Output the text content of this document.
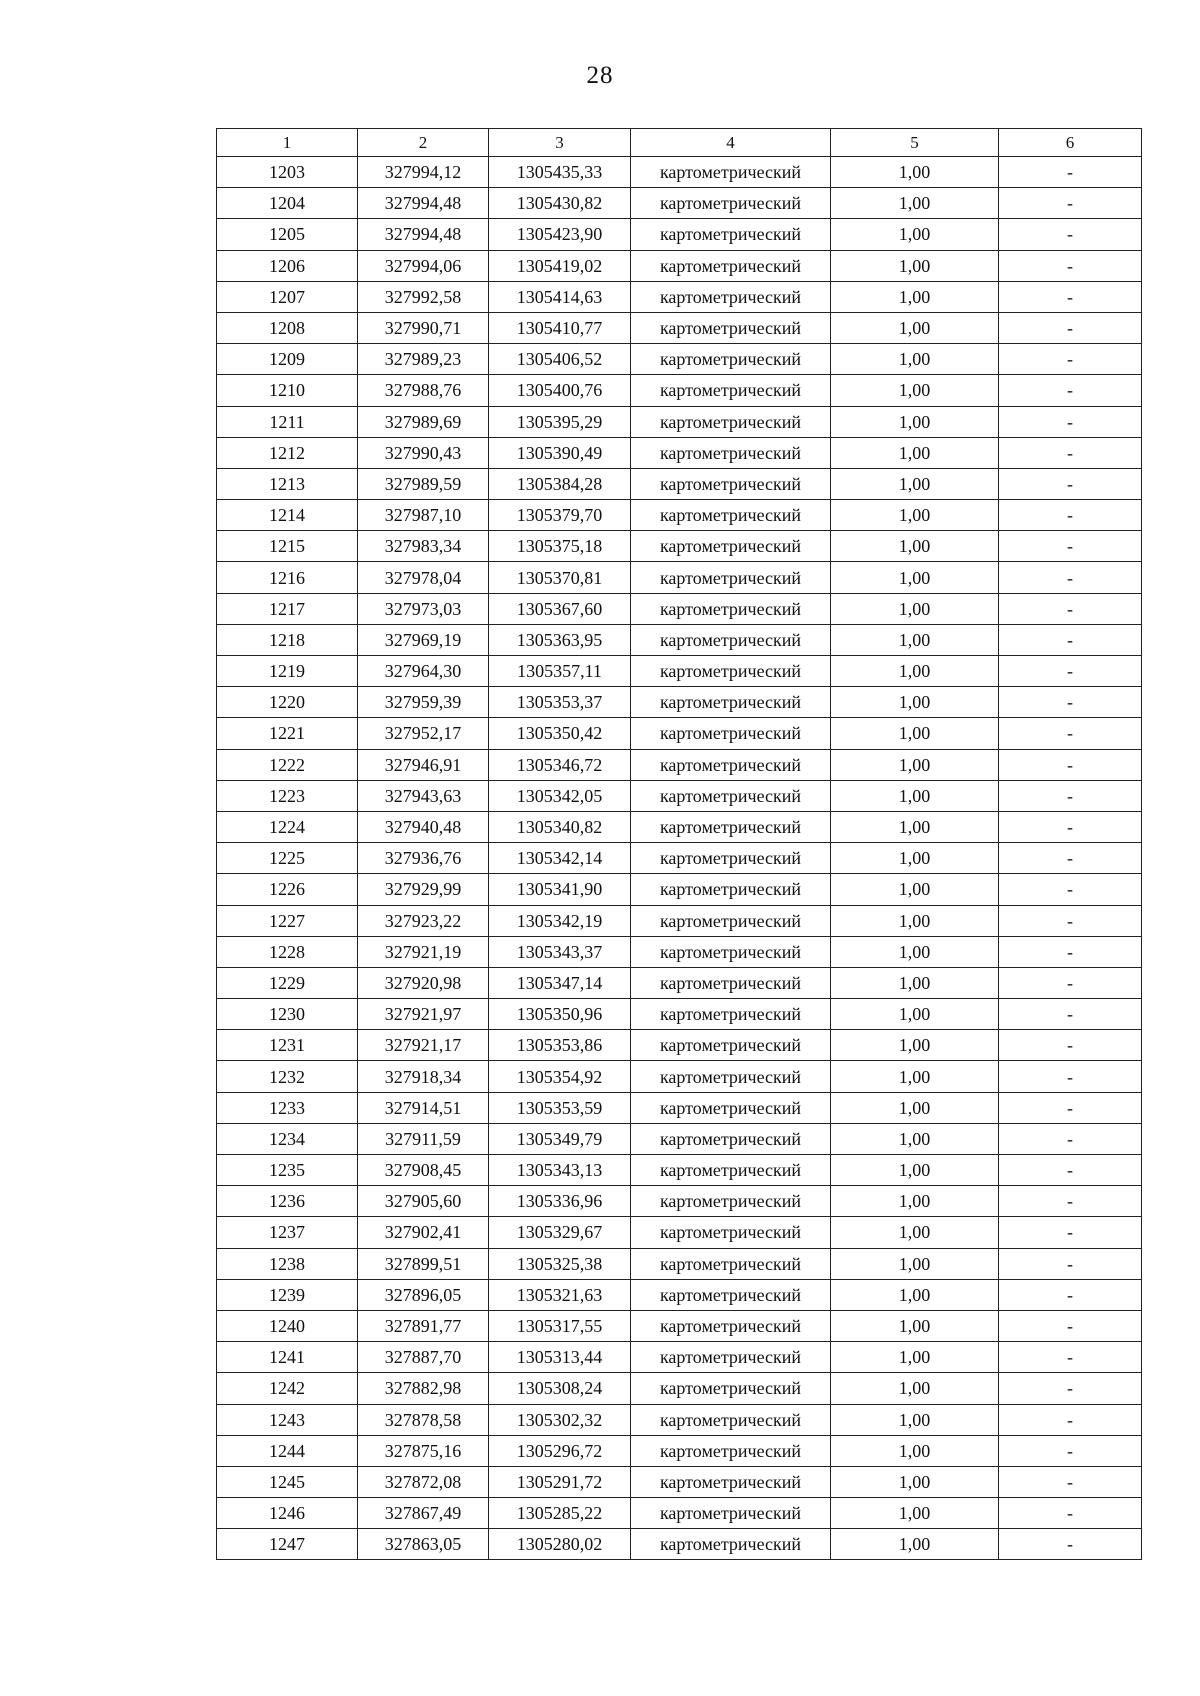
28
1	2	3	4	5	6
1203	327994,12	1305435,33	картометрический	1,00	-
1204	327994,48	1305430,82	картометрический	1,00	-
1205	327994,48	1305423,90	картометрический	1,00	-
1206	327994,06	1305419,02	картометрический	1,00	-
1207	327992,58	1305414,63	картометрический	1,00	-
1208	327990,71	1305410,77	картометрический	1,00	-
1209	327989,23	1305406,52	картометрический	1,00	-
1210	327988,76	1305400,76	картометрический	1,00	-
1211	327989,69	1305395,29	картометрический	1,00	-
1212	327990,43	1305390,49	картометрический	1,00	-
1213	327989,59	1305384,28	картометрический	1,00	-
1214	327987,10	1305379,70	картометрический	1,00	-
1215	327983,34	1305375,18	картометрический	1,00	-
1216	327978,04	1305370,81	картометрический	1,00	-
1217	327973,03	1305367,60	картометрический	1,00	-
1218	327969,19	1305363,95	картометрический	1,00	-
1219	327964,30	1305357,11	картометрический	1,00	-
1220	327959,39	1305353,37	картометрический	1,00	-
1221	327952,17	1305350,42	картометрический	1,00	-
1222	327946,91	1305346,72	картометрический	1,00	-
1223	327943,63	1305342,05	картометрический	1,00	-
1224	327940,48	1305340,82	картометрический	1,00	-
1225	327936,76	1305342,14	картометрический	1,00	-
1226	327929,99	1305341,90	картометрический	1,00	-
1227	327923,22	1305342,19	картометрический	1,00	-
1228	327921,19	1305343,37	картометрический	1,00	-
1229	327920,98	1305347,14	картометрический	1,00	-
1230	327921,97	1305350,96	картометрический	1,00	-
1231	327921,17	1305353,86	картометрический	1,00	-
1232	327918,34	1305354,92	картометрический	1,00	-
1233	327914,51	1305353,59	картометрический	1,00	-
1234	327911,59	1305349,79	картометрический	1,00	-
1235	327908,45	1305343,13	картометрический	1,00	-
1236	327905,60	1305336,96	картометрический	1,00	-
1237	327902,41	1305329,67	картометрический	1,00	-
1238	327899,51	1305325,38	картометрический	1,00	-
1239	327896,05	1305321,63	картометрический	1,00	-
1240	327891,77	1305317,55	картометрический	1,00	-
1241	327887,70	1305313,44	картометрический	1,00	-
1242	327882,98	1305308,24	картометрический	1,00	-
1243	327878,58	1305302,32	картометрический	1,00	-
1244	327875,16	1305296,72	картометрический	1,00	-
1245	327872,08	1305291,72	картометрический	1,00	-
1246	327867,49	1305285,22	картометрический	1,00	-
1247	327863,05	1305280,02	картометрический	1,00	-
